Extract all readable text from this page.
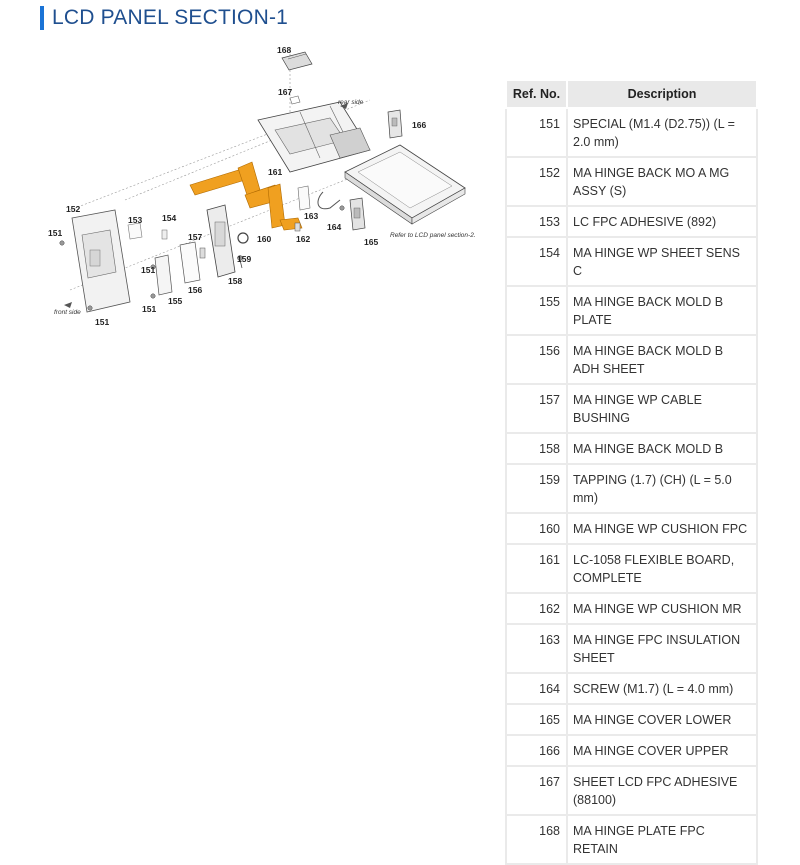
LCD PANEL SECTION-1
168
167
166
161
163
164
165
162
160
159
158
157
156
155
154
153
152
151
151
151
151
rear side
front side
Refer to LCD panel section-2.
Ref. No.	Description
151	SPECIAL (M1.4 (D2.75)) (L = 2.0 mm)
152	MA HINGE BACK MO A MG ASSY (S)
153	LC FPC ADHESIVE (892)
154	MA HINGE WP SHEET SENS C
155	MA HINGE BACK MOLD B PLATE
156	MA HINGE BACK MOLD B ADH SHEET
157	MA HINGE WP CABLE BUSHING
158	MA HINGE BACK MOLD B
159	TAPPING (1.7) (CH) (L = 5.0 mm)
160	MA HINGE WP CUSHION FPC
161	LC-1058 FLEXIBLE BOARD, COMPLETE
162	MA HINGE WP CUSHION MR
163	MA HINGE FPC INSULATION SHEET
164	SCREW (M1.7) (L = 4.0 mm)
165	MA HINGE COVER LOWER
166	MA HINGE COVER UPPER
167	SHEET LCD FPC ADHESIVE (88100)
168	MA HINGE PLATE FPC RETAIN
